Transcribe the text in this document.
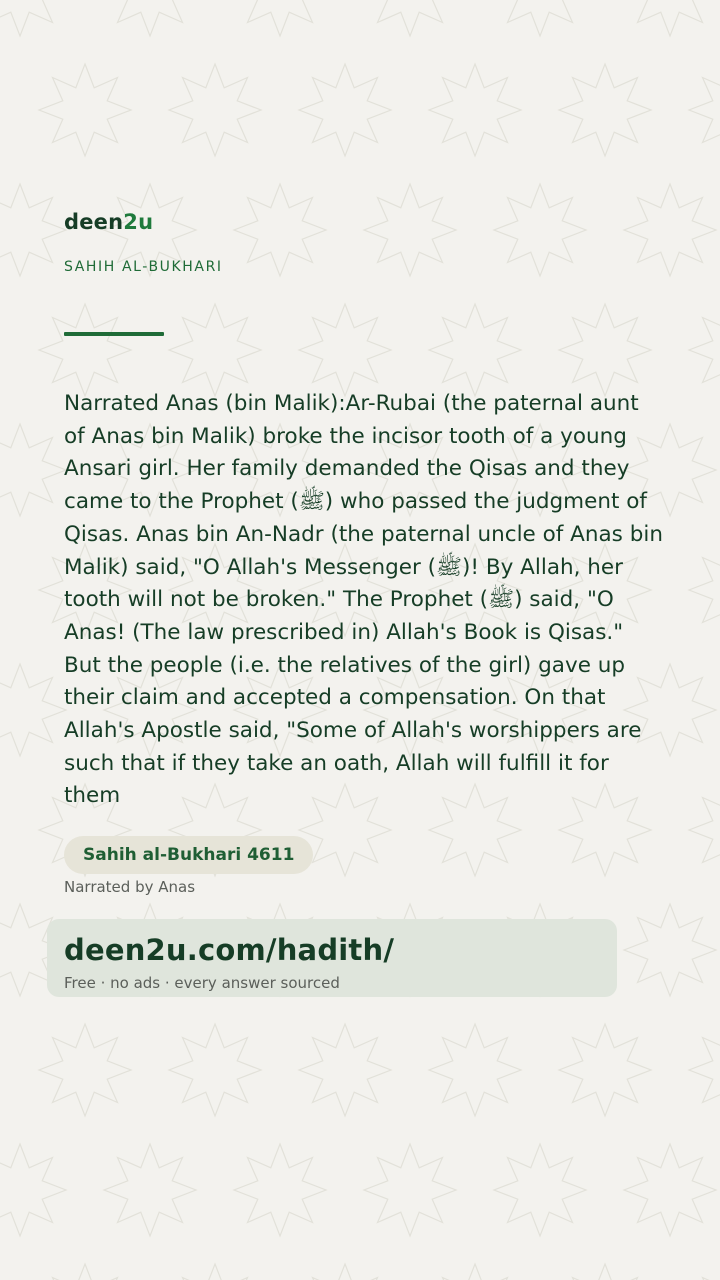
deen2u
SAHIH AL-BUKHARI

Narrated Anas (bin Malik):Ar-Rubai (the paternal aunt of Anas bin Malik) broke the incisor tooth of a young Ansari girl. Her family demanded the Qisas and they came to the Prophet (ﷺ) who passed the judgment of Qisas. Anas bin An-Nadr (the paternal uncle of Anas bin Malik) said, "O Allah's Messenger (ﷺ)! By Allah, her tooth will not be broken." The Prophet (ﷺ) said, "O Anas! (The law prescribed in) Allah's Book is Qisas." But the people (i.e. the relatives of the girl) gave up their claim and accepted a compensation. On that Allah's Apostle said, "Some of Allah's worshippers are such that if they take an oath, Allah will fulfill it for them

Sahih al-Bukhari 4611
Narrated by Anas
deen2u.com/hadith/
Free · no ads · every answer sourced
